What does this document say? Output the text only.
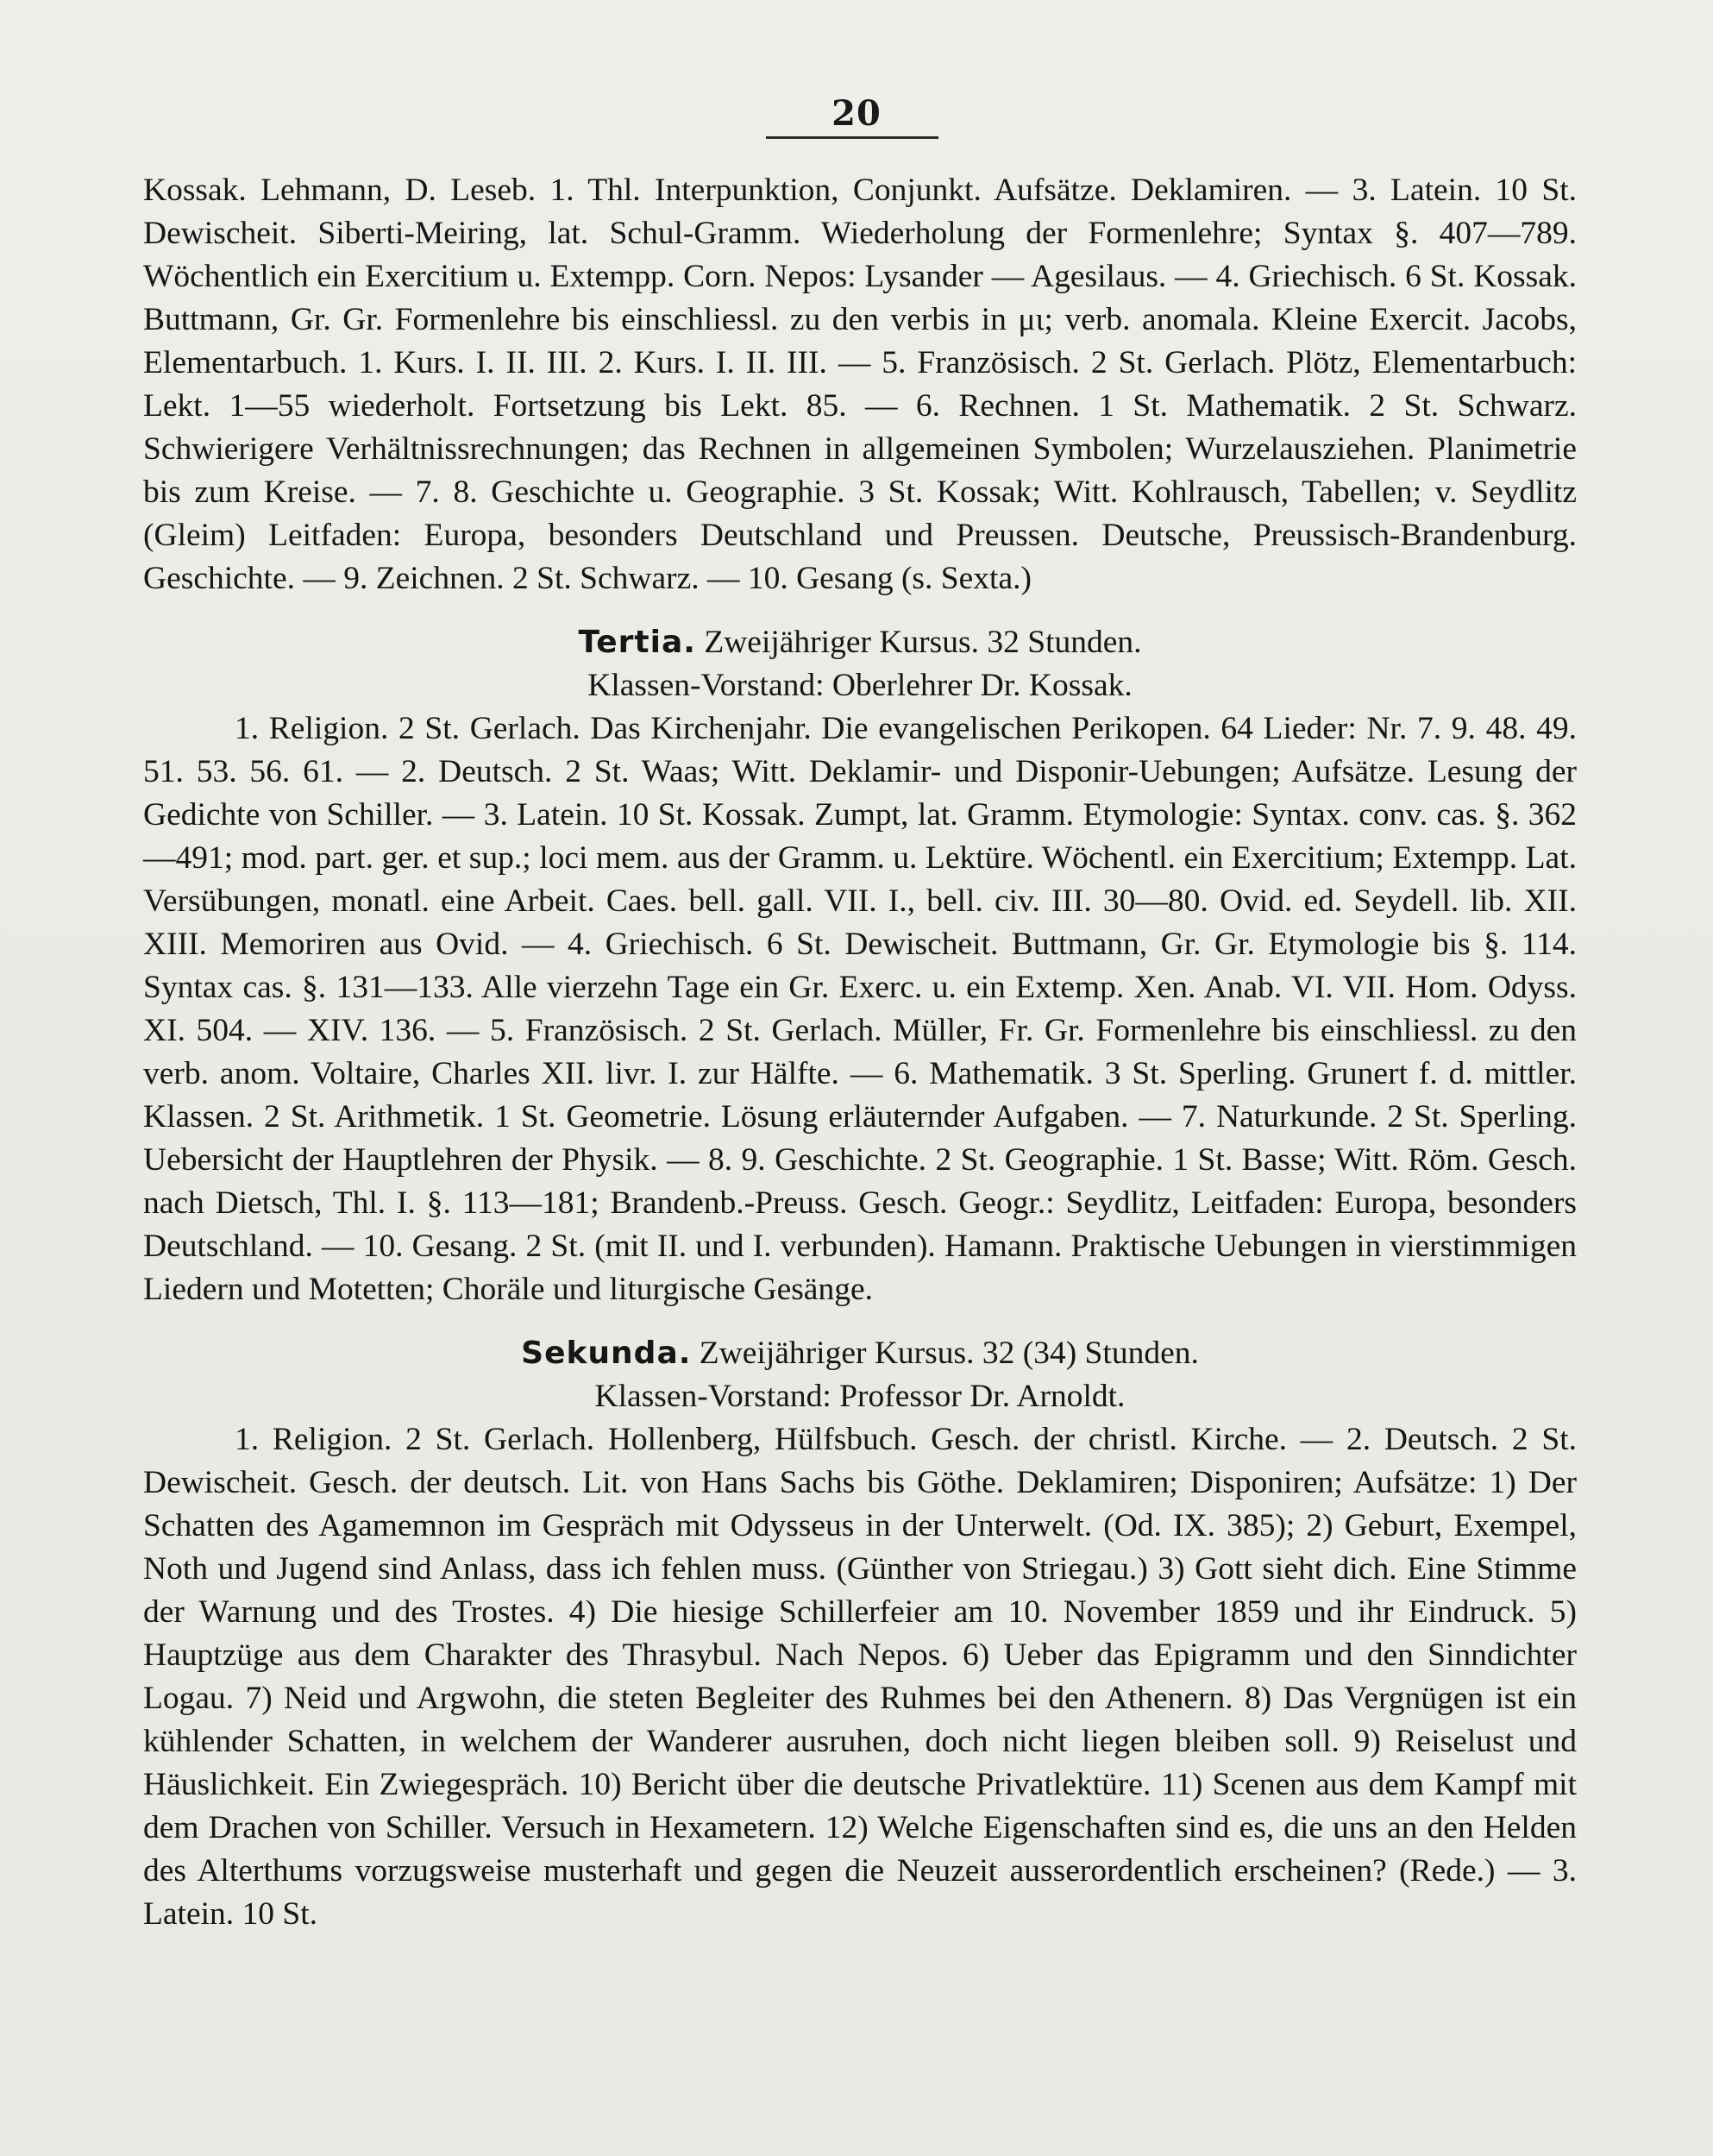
20

Kossak. Lehmann, D. Leseb. 1. Thl. Interpunktion, Conjunkt. Aufsätze. Deklamiren. — 3. Latein. 10 St. Dewischeit. Siberti-Meiring, lat. Schul-Gramm. Wiederholung der Formenlehre; Syntax §. 407—789. Wöchentlich ein Exercitium u. Extempp. Corn. Nepos: Lysander — Agesilaus. — 4. Griechisch. 6 St. Kossak. Buttmann, Gr. Gr. Formenlehre bis einschliessl. zu den verbis in μι; verb. anomala. Kleine Exercit. Jacobs, Elementarbuch. 1. Kurs. I. II. III. 2. Kurs. I. II. III. — 5. Französisch. 2 St. Gerlach. Plötz, Elementarbuch: Lekt. 1—55 wiederholt. Fortsetzung bis Lekt. 85. — 6. Rechnen. 1 St. Mathematik. 2 St. Schwarz. Schwierigere Verhältnissrechnungen; das Rechnen in allgemeinen Symbolen; Wurzelausziehen. Planimetrie bis zum Kreise. — 7. 8. Geschichte u. Geographie. 3 St. Kossak; Witt. Kohlrausch, Tabellen; v. Seydlitz (Gleim) Leitfaden: Europa, besonders Deutschland und Preussen. Deutsche, Preussisch-Brandenburg. Geschichte. — 9. Zeichnen. 2 St. Schwarz. — 10. Gesang (s. Sexta.)

Tertia. Zweijähriger Kursus. 32 Stunden.
Klassen-Vorstand: Oberlehrer Dr. Kossak.

1. Religion. 2 St. Gerlach. Das Kirchenjahr. Die evangelischen Perikopen. 64 Lieder: Nr. 7. 9. 48. 49. 51. 53. 56. 61. — 2. Deutsch. 2 St. Waas; Witt. Deklamir- und Disponir-Uebungen; Aufsätze. Lesung der Gedichte von Schiller. — 3. Latein. 10 St. Kossak. Zumpt, lat. Gramm. Etymologie: Syntax. conv. cas. §. 362—491; mod. part. ger. et sup.; loci mem. aus der Gramm. u. Lektüre. Wöchentl. ein Exercitium; Extempp. Lat. Versübungen, monatl. eine Arbeit. Caes. bell. gall. VII. I., bell. civ. III. 30—80. Ovid. ed. Seydell. lib. XII. XIII. Memoriren aus Ovid. — 4. Griechisch. 6 St. Dewischeit. Buttmann, Gr. Gr. Etymologie bis §. 114. Syntax cas. §. 131—133. Alle vierzehn Tage ein Gr. Exerc. u. ein Extemp. Xen. Anab. VI. VII. Hom. Odyss. XI. 504. — XIV. 136. — 5. Französisch. 2 St. Gerlach. Müller, Fr. Gr. Formenlehre bis einschliessl. zu den verb. anom. Voltaire, Charles XII. livr. I. zur Hälfte. — 6. Mathematik. 3 St. Sperling. Grunert f. d. mittler. Klassen. 2 St. Arithmetik. 1 St. Geometrie. Lösung erläuternder Aufgaben. — 7. Naturkunde. 2 St. Sperling. Uebersicht der Hauptlehren der Physik. — 8. 9. Geschichte. 2 St. Geographie. 1 St. Basse; Witt. Röm. Gesch. nach Dietsch, Thl. I. §. 113—181; Brandenb.-Preuss. Gesch. Geogr.: Seydlitz, Leitfaden: Europa, besonders Deutschland. — 10. Gesang. 2 St. (mit II. und I. verbunden). Hamann. Praktische Uebungen in vierstimmigen Liedern und Motetten; Choräle und liturgische Gesänge.

Sekunda. Zweijähriger Kursus. 32 (34) Stunden.
Klassen-Vorstand: Professor Dr. Arnoldt.

1. Religion. 2 St. Gerlach. Hollenberg, Hülfsbuch. Gesch. der christl. Kirche. — 2. Deutsch. 2 St. Dewischeit. Gesch. der deutsch. Lit. von Hans Sachs bis Göthe. Deklamiren; Disponiren; Aufsätze: 1) Der Schatten des Agamemnon im Gespräch mit Odysseus in der Unterwelt. (Od. IX. 385); 2) Geburt, Exempel, Noth und Jugend sind Anlass, dass ich fehlen muss. (Günther von Striegau.) 3) Gott sieht dich. Eine Stimme der Warnung und des Trostes. 4) Die hiesige Schillerfeier am 10. November 1859 und ihr Eindruck. 5) Hauptzüge aus dem Charakter des Thrasybul. Nach Nepos. 6) Ueber das Epigramm und den Sinndichter Logau. 7) Neid und Argwohn, die steten Begleiter des Ruhmes bei den Athenern. 8) Das Vergnügen ist ein kühlender Schatten, in welchem der Wanderer ausruhen, doch nicht liegen bleiben soll. 9) Reiselust und Häuslichkeit. Ein Zwiegespräch. 10) Bericht über die deutsche Privatlektüre. 11) Scenen aus dem Kampf mit dem Drachen von Schiller. Versuch in Hexametern. 12) Welche Eigenschaften sind es, die uns an den Helden des Alterthums vorzugsweise musterhaft und gegen die Neuzeit ausserordentlich erscheinen? (Rede.) — 3. Latein. 10 St.
